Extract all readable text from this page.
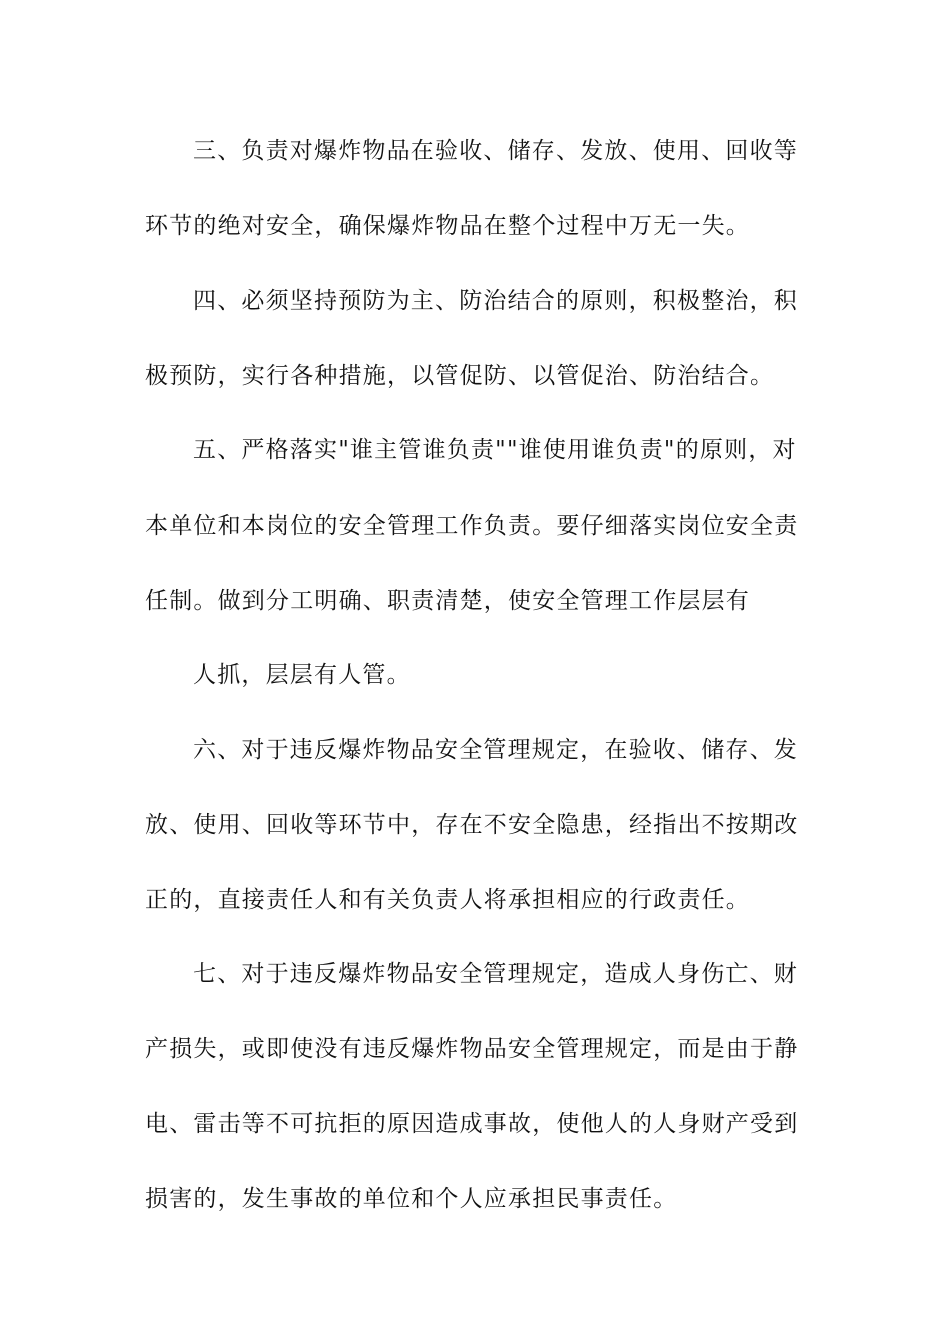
三、负责对爆炸物品在验收、储存、发放、使用、回收等
环节的绝对安全，确保爆炸物品在整个过程中万无一失。
四、必须坚持预防为主、防治结合的原则，积极整治，积
极预防，实行各种措施，以管促防、以管促治、防治结合。
五、严格落实"谁主管谁负责""谁使用谁负责"的原则，对
本单位和本岗位的安全管理工作负责。要仔细落实岗位安全责
任制。做到分工明确、职责清楚，使安全管理工作层层有
人抓，层层有人管。
六、对于违反爆炸物品安全管理规定，在验收、储存、发
放、使用、回收等环节中，存在不安全隐患，经指出不按期改
正的，直接责任人和有关负责人将承担相应的行政责任。
七、对于违反爆炸物品安全管理规定，造成人身伤亡、财
产损失，或即使没有违反爆炸物品安全管理规定，而是由于静
电、雷击等不可抗拒的原因造成事故，使他人的人身财产受到
损害的，发生事故的单位和个人应承担民事责任。
